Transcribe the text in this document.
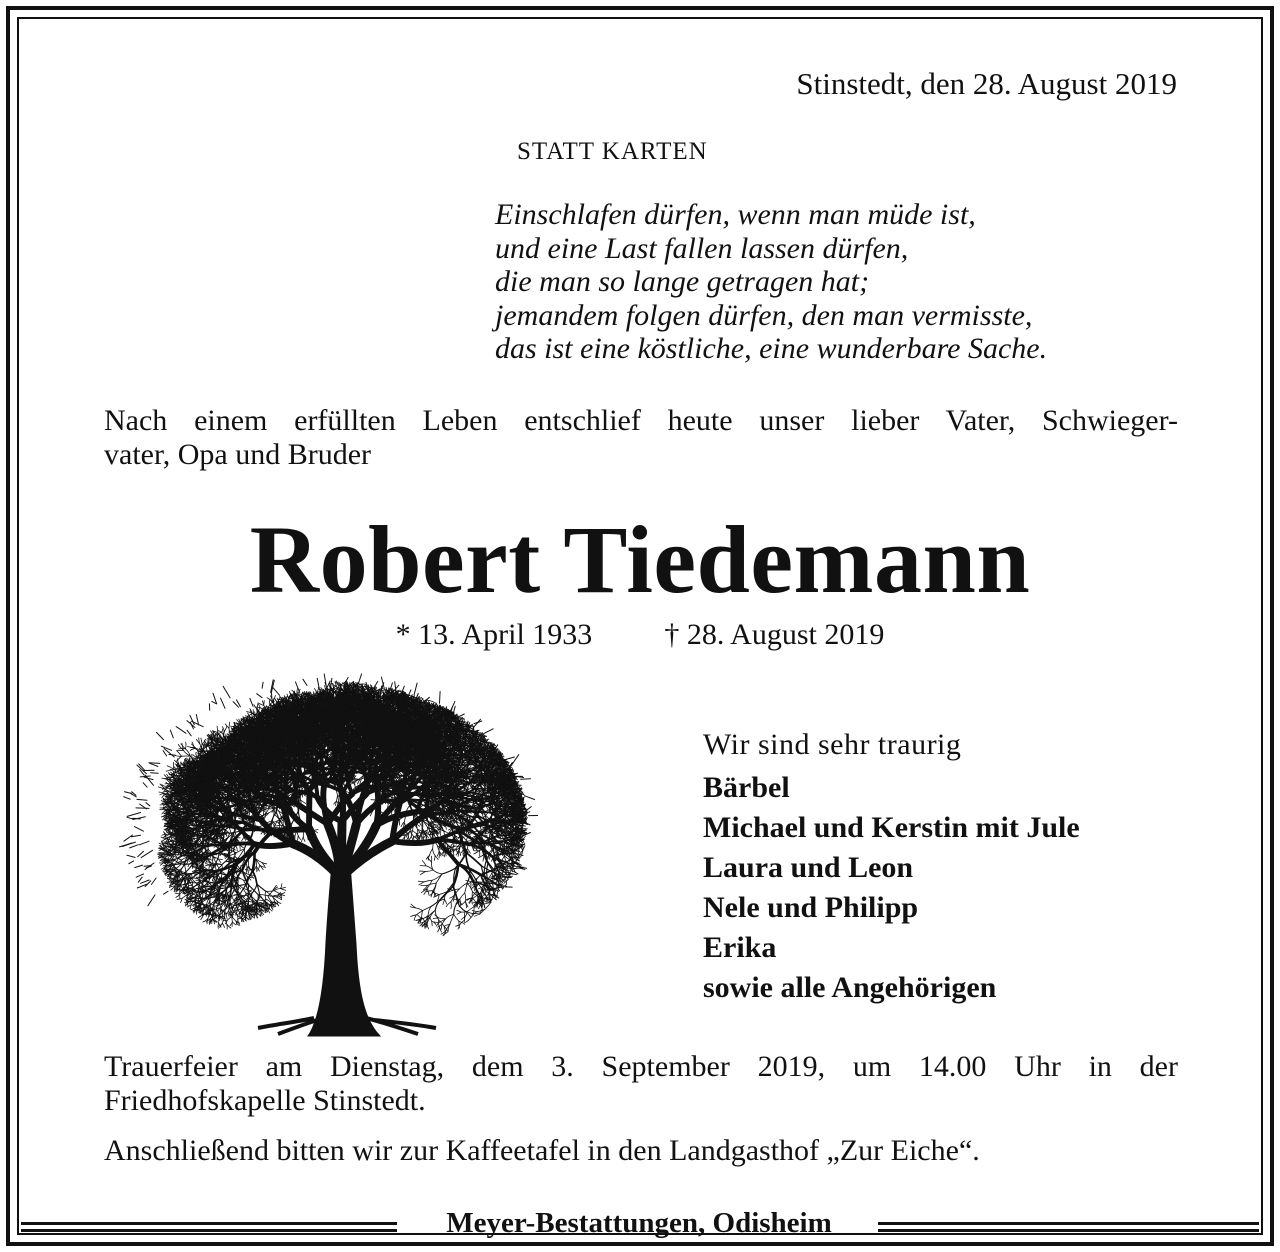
Stinstedt, den 28. August 2019
STATT KARTEN
Einschlafen dürfen, wenn man müde ist,
und eine Last fallen lassen dürfen,
die man so lange getragen hat;
jemandem folgen dürfen, den man vermisste,
das ist eine köstliche, eine wunderbare Sache.
Nach einem erfüllten Leben entschlief heute unser lieber Vater, Schwieger-
vater, Opa und Bruder
Robert Tiedemann
* 13. April 1933 † 28. August 2019
Wir sind sehr traurig
Bärbel
Michael und Kerstin mit Jule
Laura und Leon
Nele und Philipp
Erika
sowie alle Angehörigen
Trauerfeier am Dienstag, dem 3. September 2019, um 14.00 Uhr in der
Friedhofskapelle Stinstedt.
Anschließend bitten wir zur Kaffeetafel in den Landgasthof „Zur Eiche“.
Meyer-Bestattungen, Odisheim
